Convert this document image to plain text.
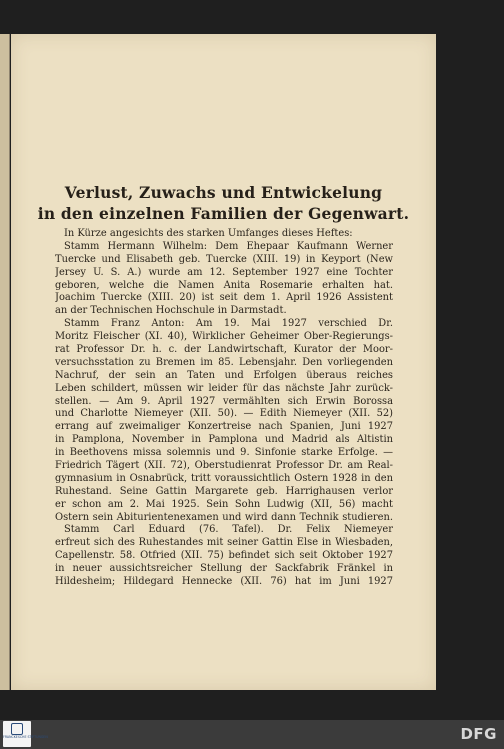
Verlust, Zuwachs und Entwickelung
in den einzelnen Familien der Gegenwart.
In Kürze angesichts des starken Umfanges dieses Heftes:
Stamm Hermann Wilhelm: Dem Ehepaar Kaufmann Werner
Tuercke und Elisabeth geb. Tuercke (XIII. 19) in Keyport (New
Jersey U. S. A.) wurde am 12. September 1927 eine Tochter
geboren, welche die Namen Anita Rosemarie erhalten hat.
Joachim Tuercke (XIII. 20) ist seit dem 1. April 1926 Assistent
an der Technischen Hochschule in Darmstadt.
Stamm Franz Anton: Am 19. Mai 1927 verschied Dr.
Moritz Fleischer (XI. 40), Wirklicher Geheimer Ober-Regierungs-
rat Professor Dr. h. c. der Landwirtschaft, Kurator der Moor-
versuchsstation zu Bremen im 85. Lebensjahr. Den vorliegenden
Nachruf, der sein an Taten und Erfolgen überaus reiches
Leben schildert, müssen wir leider für das nächste Jahr zurück-
stellen. — Am 9. April 1927 vermählten sich Erwin Borossa
und Charlotte Niemeyer (XII. 50). — Edith Niemeyer (XII. 52)
errang auf zweimaliger Konzertreise nach Spanien, Juni 1927
in Pamplona, November in Pamplona und Madrid als Altistin
in Beethovens missa solemnis und 9. Sinfonie starke Erfolge. —
Friedrich Tägert (XII. 72), Oberstudienrat Professor Dr. am Real-
gymnasium in Osnabrück, tritt voraussichtlich Ostern 1928 in den
Ruhestand. Seine Gattin Margarete geb. Harrighausen verlor
er schon am 2. Mai 1925. Sein Sohn Ludwig (XII, 56) macht
Ostern sein Abiturientenexamen und wird dann Technik studieren.
Stamm Carl Eduard (76. Tafel). Dr. Felix Niemeyer
erfreut sich des Ruhestandes mit seiner Gattin Else in Wiesbaden,
Capellenstr. 58. Otfried (XII. 75) befindet sich seit Oktober 1927
in neuer aussichtsreicher Stellung der Sackfabrik Fränkel in
Hildesheim; Hildegard Hennecke (XII. 76) hat im Juni 1927
FRANCKESCHE STIFTUNGEN	DFG
